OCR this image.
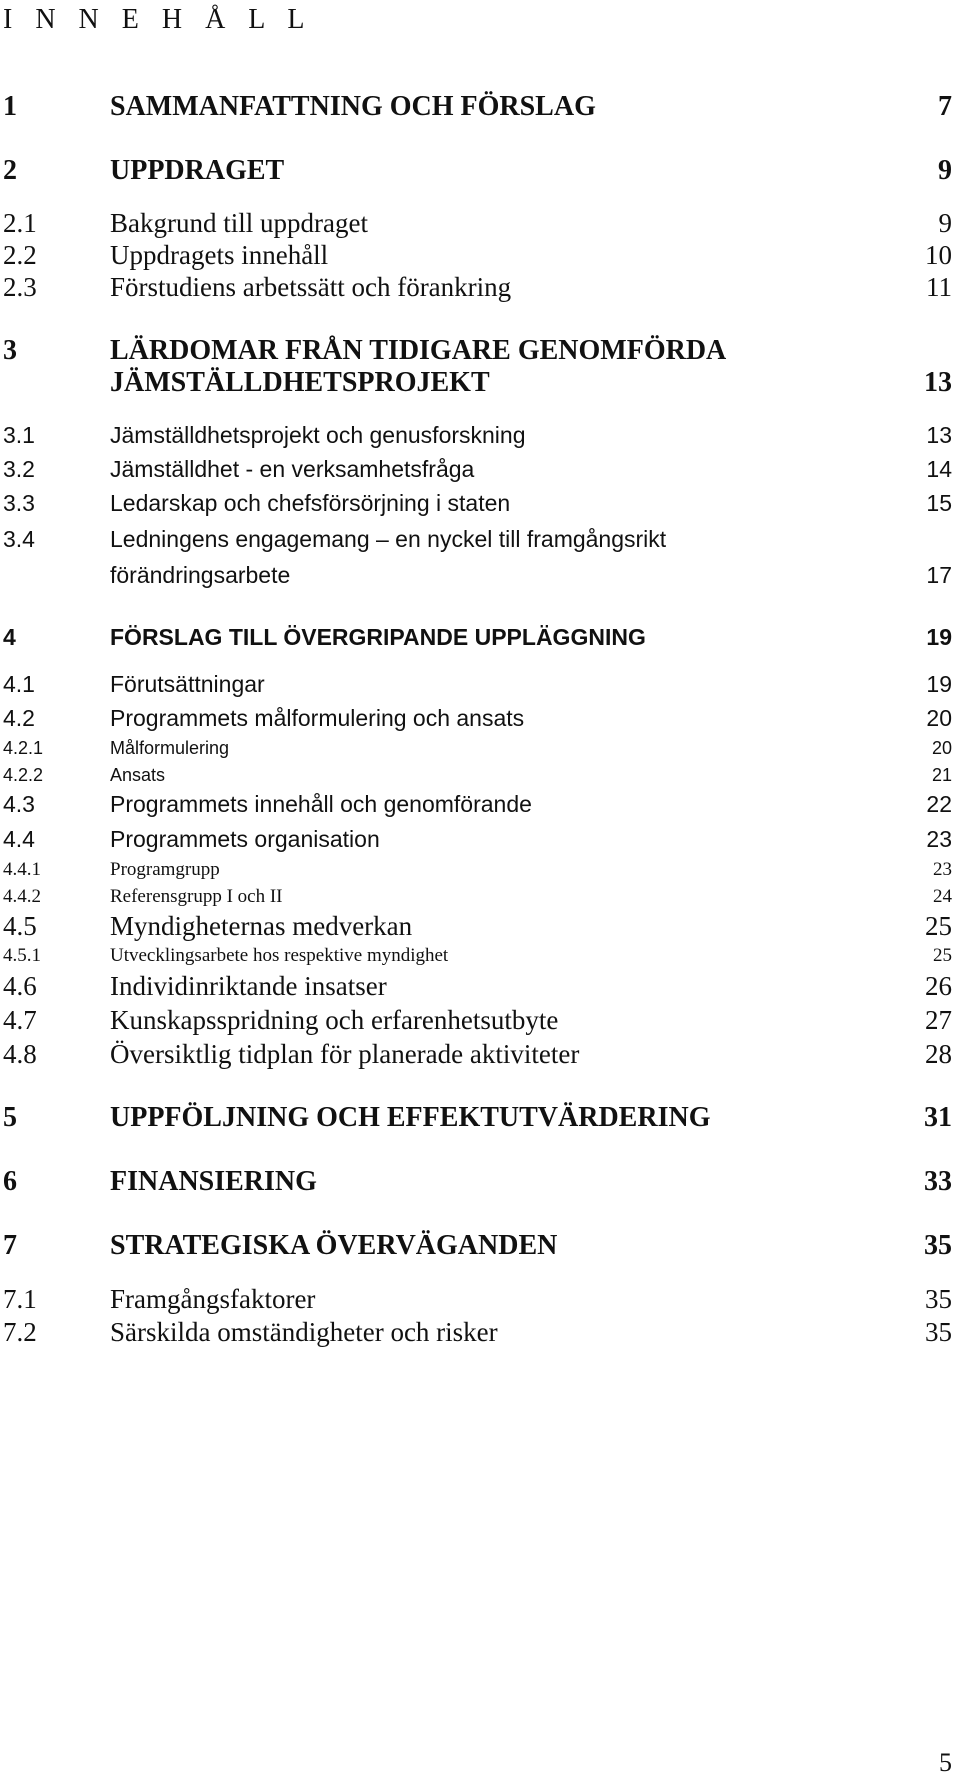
I N N E H Å L L
1	SAMMANFATTNING OCH FÖRSLAG	7
2	UPPDRAGET	9
2.1	Bakgrund till uppdraget	9
2.2	Uppdragets innehåll	10
2.3	Förstudiens arbetssätt och förankring	11
3	LÄRDOMAR FRÅN TIDIGARE GENOMFÖRDA
JÄMSTÄLLDHETSPROJEKT	13
3.1	Jämställdhetsprojekt och genusforskning	13
3.2	Jämställdhet - en verksamhetsfråga	14
3.3	Ledarskap och chefsförsörjning i staten	15
3.4	Ledningens engagemang – en nyckel till framgångsrikt
förändringsarbete	17
4	FÖRSLAG TILL ÖVERGRIPANDE UPPLÄGGNING	19
4.1	Förutsättningar	19
4.2	Programmets målformulering och ansats	20
4.2.1	Målformulering	20
4.2.2	Ansats	21
4.3	Programmets innehåll och genomförande	22
4.4	Programmets organisation	23
4.4.1	Programgrupp	23
4.4.2	Referensgrupp I och II	24
4.5	Myndigheternas medverkan	25
4.5.1	Utvecklingsarbete hos respektive myndighet	25
4.6	Individinriktande insatser	26
4.7	Kunskapsspridning och erfarenhetsutbyte	27
4.8	Översiktlig tidplan för planerade aktiviteter	28
5	UPPFÖLJNING OCH EFFEKTUTVÄRDERING	31
6	FINANSIERING	33
7	STRATEGISKA ÖVERVÄGANDEN	35
7.1	Framgångsfaktorer	35
7.2	Särskilda omständigheter och risker	35
5
